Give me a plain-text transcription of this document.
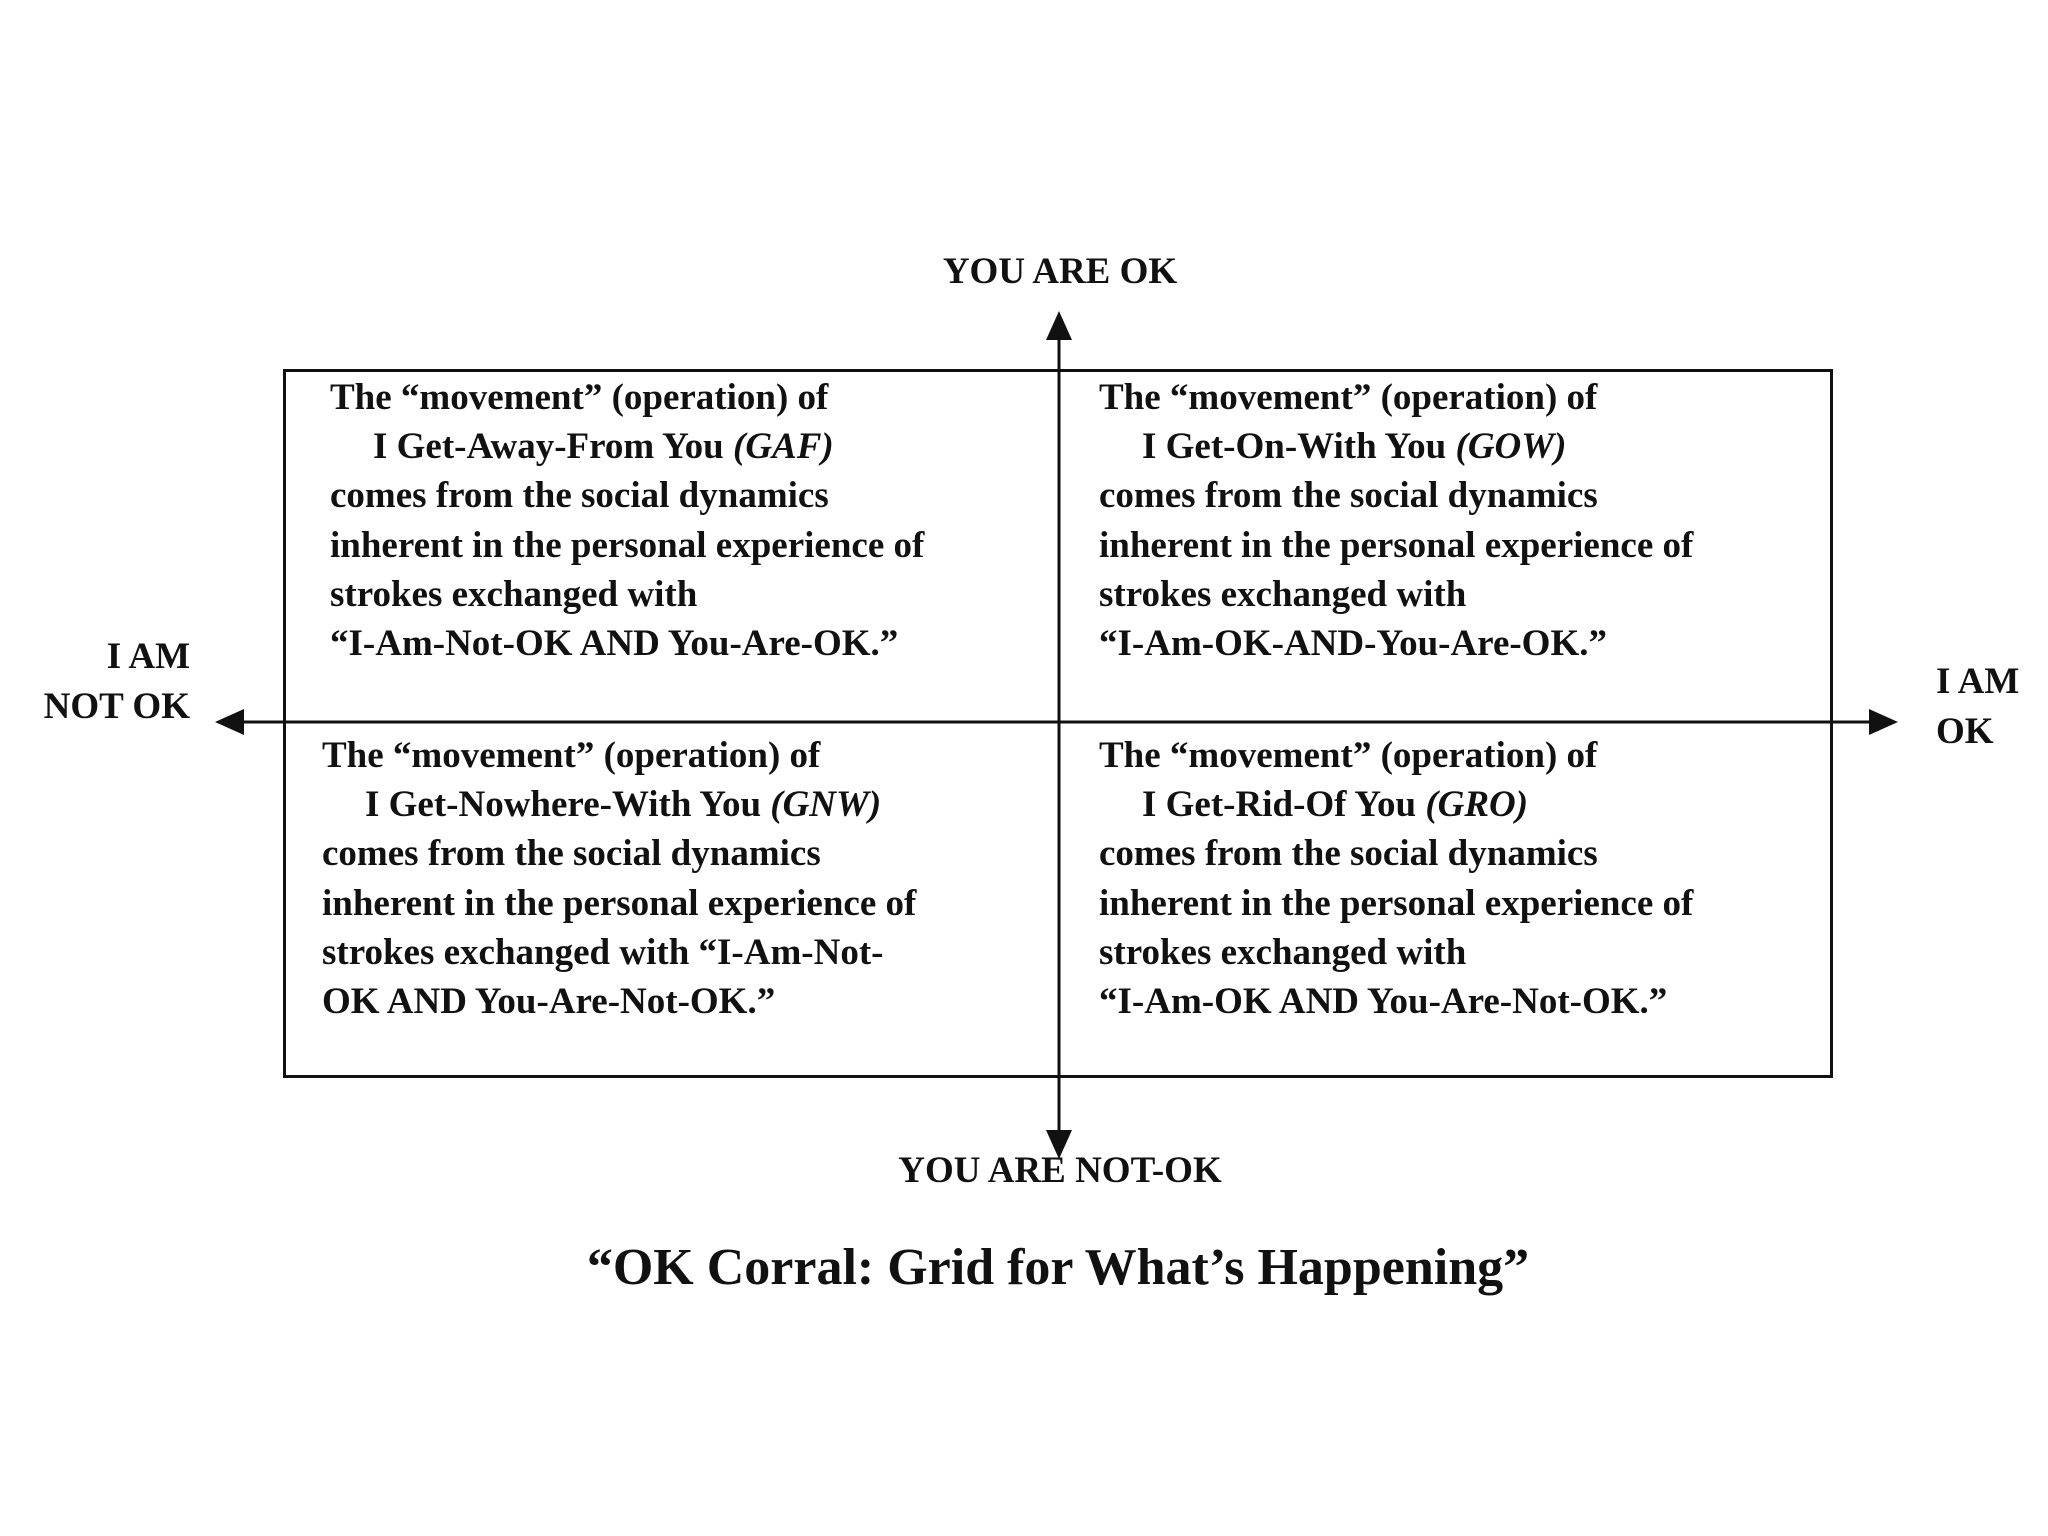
YOU ARE OK
YOU ARE NOT-OK
I AM
NOT OK
I AM
OK
The “movement” (operation) of
I Get-Away-From You (GAF)
comes from the social dynamics
inherent in the personal experience of
strokes exchanged with
“I-Am-Not-OK AND You-Are-OK.”
The “movement” (operation) of
I Get-On-With You (GOW)
comes from the social dynamics
inherent in the personal experience of
strokes exchanged with
“I-Am-OK-AND-You-Are-OK.”
The “movement” (operation) of
I Get-Nowhere-With You (GNW)
comes from the social dynamics
inherent in the personal experience of
strokes exchanged with “I-Am-Not-
OK AND You-Are-Not-OK.”
The “movement” (operation) of
I Get-Rid-Of You (GRO)
comes from the social dynamics
inherent in the personal experience of
strokes exchanged with
“I-Am-OK AND You-Are-Not-OK.”
“OK Corral: Grid for What’s Happening”
